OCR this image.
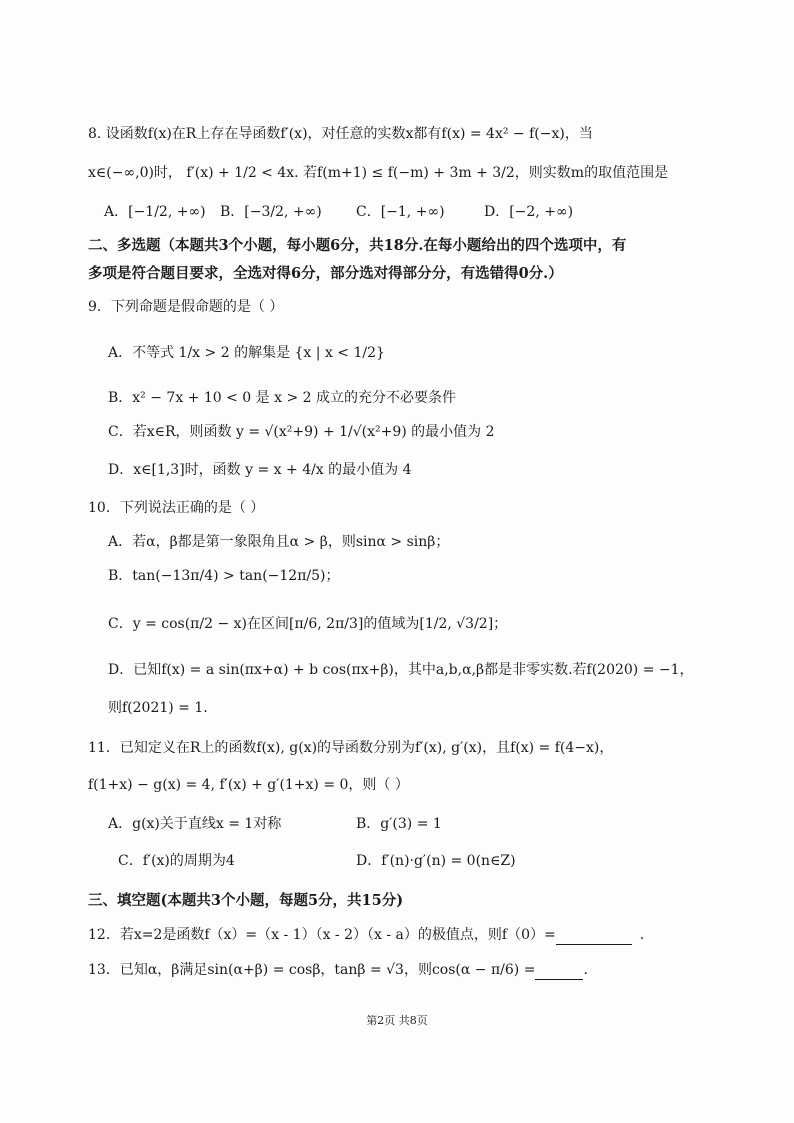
8. 设函数f(x)在R上存在导函数f′(x)，对任意的实数x都有f(x) = 4x² − f(−x)，当
x∈(−∞,0)时， f′(x) + 1/2 < 4x. 若f(m+1) ≤ f(−m) + 3m + 3/2，则实数m的取值范围是
A．[−1/2, +∞) B．[−3/2, +∞) C．[−1, +∞)	D．[−2, +∞)
二、多选题（本题共3个小题，每小题6分，共18分.在每小题给出的四个选项中，有
多项是符合题目要求，全选对得6分，部分选对得部分分，有选错得0分.）
9．下列命题是假命题的是（ ）
A．不等式 1/x > 2 的解集是 {x | x < 1/2}
B．x² − 7x + 10 < 0 是 x > 2 成立的充分不必要条件
C．若x∈R，则函数 y = √(x²+9) + 1/√(x²+9) 的最小值为 2
D．x∈[1,3]时，函数 y = x + 4/x 的最小值为 4
10．下列说法正确的是（ ）
A．若α，β都是第一象限角且α > β，则sinα > sinβ；
B．tan(−13π/4) > tan(−12π/5)；
C．y = cos(π/2 − x)在区间[π/6, 2π/3]的值域为[1/2, √3/2]；
D．已知f(x) = a sin(πx+α) + b cos(πx+β)，其中a,b,α,β都是非零实数.若f(2020) = −1，
则f(2021) = 1.
11．已知定义在R上的函数f(x), g(x)的导函数分别为f′(x), g′(x)，且f(x) = f(4−x)，
f(1+x) − g(x) = 4, f′(x) + g′(1+x) = 0，则（ ）
A．g(x)关于直线x = 1对称	B．g′(3) = 1
C．f′(x)的周期为4	D．f′(n)·g′(n) = 0(n∈Z)
三、填空题(本题共3个小题，每题5分，共15分)
12．若x=2是函数f（x）=（x - 1）（x - 2）（x - a）的极值点，则f（0）=	.
13．已知α，β满足sin(α+β) = cosβ，tanβ = √3，则cos(α − π/6) =	.
第2页 共8页
